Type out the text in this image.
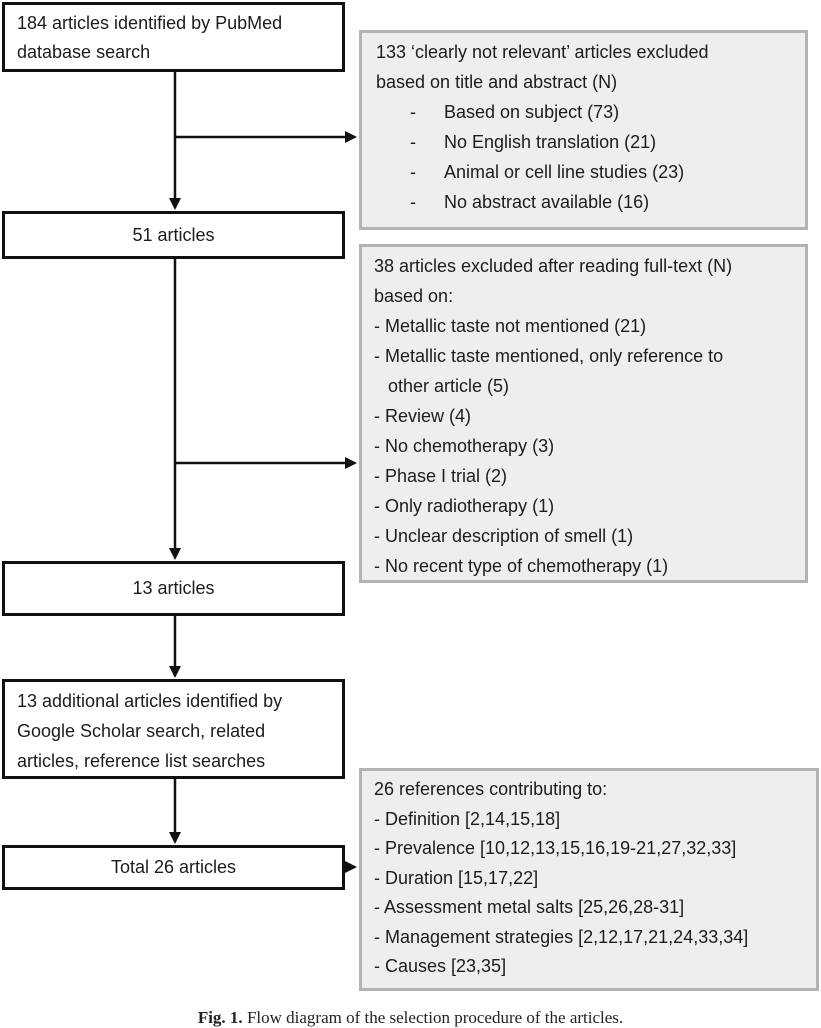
184 articles identified by PubMed
database search	133 ‘clearly not relevant’ articles excluded
based on title and abstract (N)
- Based on subject (73)
- No English translation (21)
- Animal or cell line studies (23)
- No abstract available (16)
51 articles
38 articles excluded after reading full-text (N)
based on:
- Metallic taste not mentioned (21)
- Metallic taste mentioned, only reference to
other article (5)
- Review (4)
- No chemotherapy (3)
- Phase I trial (2)
- Only radiotherapy (1)
- Unclear description of smell (1)
- No recent type of chemotherapy (1)
13 articles
13 additional articles identified by
Google Scholar search, related
articles, reference list searches
Total 26 articles
26 references contributing to:
- Definition [2,14,15,18]
- Prevalence [10,12,13,15,16,19-21,27,32,33]
- Duration [15,17,22]
- Assessment metal salts [25,26,28-31]
- Management strategies [2,12,17,21,24,33,34]
- Causes [23,35]
Fig. 1. Flow diagram of the selection procedure of the articles.
